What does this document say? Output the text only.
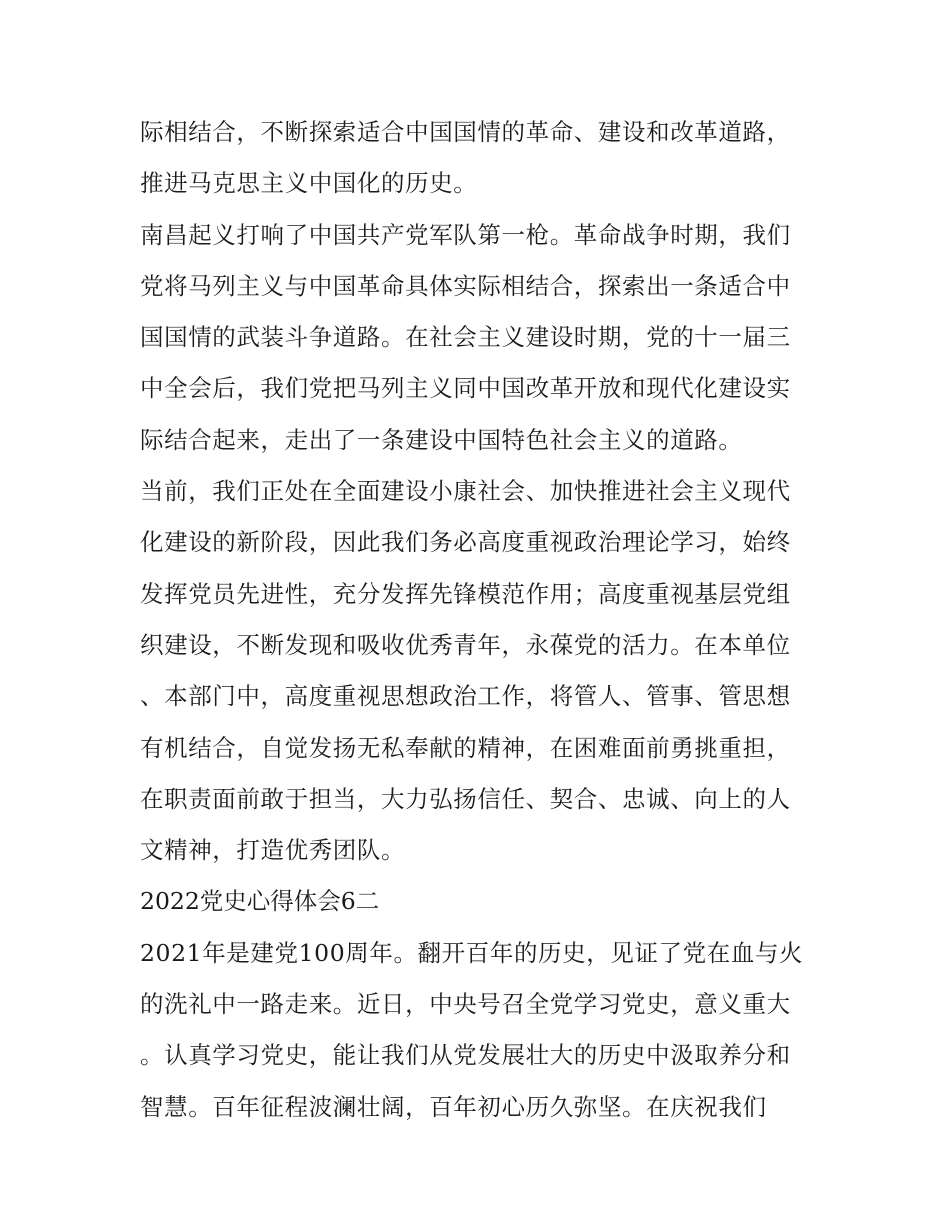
际相结合，不断探索适合中国国情的革命、建设和改革道路，推进马克思主义中国化的历史。

南昌起义打响了中国共产党军队第一枪。革命战争时期，我们党将马列主义与中国革命具体实际相结合，探索出一条适合中国国情的武装斗争道路。在社会主义建设时期，党的十一届三中全会后，我们党把马列主义同中国改革开放和现代化建设实际结合起来，走出了一条建设中国特色社会主义的道路。

当前，我们正处在全面建设小康社会、加快推进社会主义现代化建设的新阶段，因此我们务必高度重视政治理论学习，始终发挥党员先进性，充分发挥先锋模范作用；高度重视基层党组织建设，不断发现和吸收优秀青年，永葆党的活力。在本单位、本部门中，高度重视思想政治工作，将管人、管事、管思想有机结合，自觉发扬无私奉献的精神，在困难面前勇挑重担，在职责面前敢于担当，大力弘扬信任、契合、忠诚、向上的人文精神，打造优秀团队。

2022党史心得体会6二

2021年是建党100周年。翻开百年的历史，见证了党在血与火的洗礼中一路走来。近日，中央号召全党学习党史，意义重大。认真学习党史，能让我们从党发展壮大的历史中汲取养分和智慧。百年征程波澜壮阔，百年初心历久弥坚。在庆祝我们
